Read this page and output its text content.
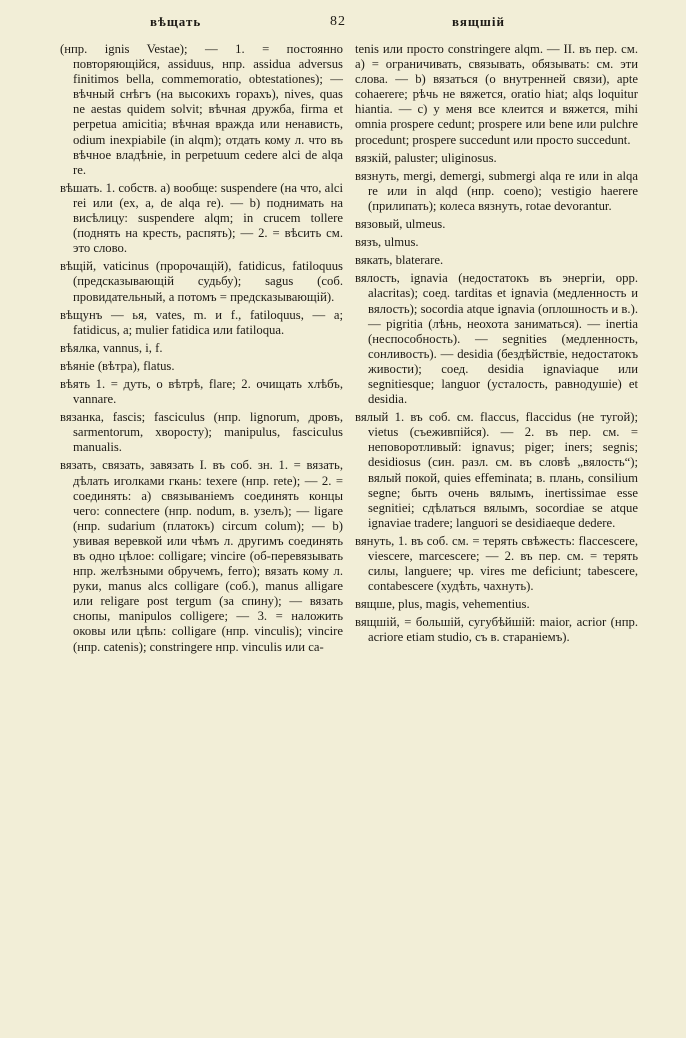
вѣщать	82	вящшій

(нпр. ignis Vestae); — 1. = постоянно повторяющійся, assiduus, нпр. assidua adversus finitimos bella, commemoratio, obtestationes); — вѣчный снѣгъ (на высокихъ горахъ), nives, quas ne aestas quidem solvit; вѣчная дружба, firma et perpetua amicitia; вѣчная вражда или ненависть, odium inexpiabile (in alqm); отдать кому л. что въ вѣчное владѣніе, in perpetuum cedere alci de alqa re.

вѣшать. 1. собств. а) вообще: suspendere (на что, alci rei или (ex, a, de alqa re). — b) поднимать на висѣлицу: suspendere alqm; in crucem tollere (поднять на кресть, распять); — 2. = вѣсить см. это слово.

вѣщій, vaticinus (пророчащій), fatidicus, fatiloquus (предсказывающій судьбу); sagus (соб. провидательный, а потомъ = предсказывающій).

вѣщунъ — ья, vates, m. и f., fatiloquus, — a; fatidicus, a; mulier fatidica или fatiloqua.

вѣялка, vannus, i, f.

вѣяніе (вѣтра), flatus.

вѣять 1. = дуть, о вѣтрѣ, flare; 2. очищать хлѣбъ, vannare.

вязанка, fascis; fasciculus (нпр. lignorum, дровъ, sarmentorum, хворосту); manipulus, fasciculus manualis.

вязать, связать, завязать I. въ соб. зн. 1. = вязать, дѣлать иголками гкань: texere (нпр. rete); — 2. = соединять: a) связыванiемъ соединять концы чего: connectere (нпр. nodum, в. узелъ); — ligare (нпр. sudarium (платокъ) circum colum); — b) увивая веревкой или чѣмъ л. другимъ соединять въ одно цѣлое: colligare; vincire (об-перевязывать нпр. желѣзными обручемъ, ferro); вязать кому л. руки, manus alcs colligare (соб.), manus alligare или religare post tergum (за спину); — вязать снопы, manipulos colligere; — 3. = наложить оковы или цѣпь: colligare (нпр. vinculis); vincire (нпр. catenis); constringere нпр. vinculis или ca-

tenis или просто constringere alqm. — II. въ пер. см. а) = ограничивать, связывать, обязывать: см. эти слова. — b) вязаться (о внутренней связи), apte cohaerere; рѣчь не вяжется, oratio hiat; alqs loquitur hiantia. — c) у меня все клеится и вяжется, mihi omnia prospere cedunt; prospere или bene или pulchre procedunt; prospere succedunt или просто succedunt.

вязкій, paluster; uliginosus.

вязнуть, mergi, demergi, submergi alqa re или in alqa re или in alqd (нпр. coeno); vestigio haerere (прилипать); колеса вязнуть, rotae devorantur.

вязовый, ulmeus.

вязъ, ulmus.

вякать, blaterare.

вялость, ignavia (недостатокъ въ энергіи, opp. alacritas); соед. tarditas et ignavia (медленность и вялость); socordia atque ignavia (оплошность и в.). — pigritia (лѣнь, неохота заниматься). — inertia (неспособность). — segnities (медленность, сонливость). — desidia (бездѣйствіе, недостатокъ живости); соед. desidia ignaviaque или segnitiesque; languor (усталость, равнодушіе) et desidia.

вялый 1. въ соб. см. flaccus, flaccidus (не тугой); vietus (съеживпійся). — 2. въ пер. см. = неповоротливый: ignavus; piger; iners; segnis; desidiosus (син. разл. см. въ словѣ „вялость“); вялый покой, quies effeminata; в. плань, consilium segne; быть очень вялымъ, inertissimae esse segnitiei; сдѣлаться вялымъ, socordiae se atque ignaviae tradere; languori se desidiaeque dedere.

вянуть, 1. въ соб. см. = терять свѣжесть: flaccescere, viescere, marcescere; — 2. въ пер. см. = терять силы, languere; чр. vires me deficiunt; tabescere, contabescere (худѣть, чахнуть).

вящше, plus, magis, vehementius.

вящшій, = большій, сугубѣйшій: maior, acrior (нпр. acriore etiam studio, съ в. стараніемъ).
